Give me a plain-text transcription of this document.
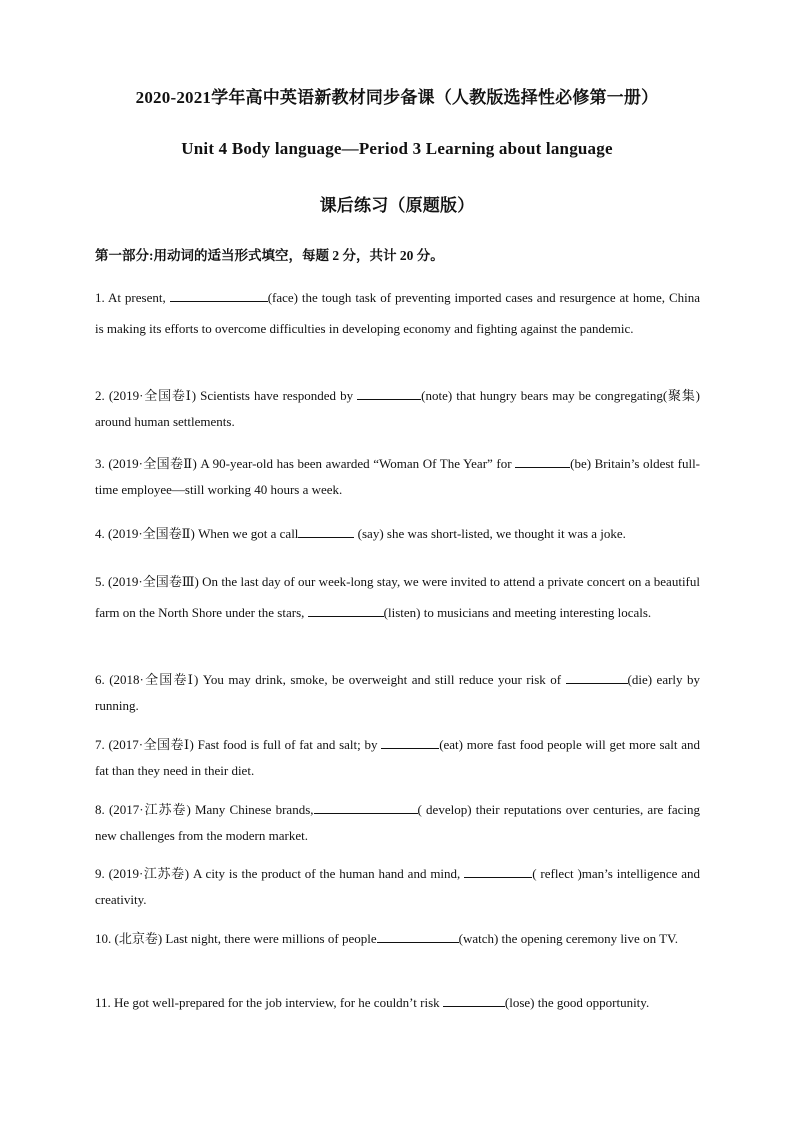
2020-2021学年高中英语新教材同步备课（人教版选择性必修第一册）
Unit 4 Body language—Period 3 Learning about language
课后练习（原题版）
第一部分:用动词的适当形式填空，每题 2 分，共计 20 分。
1. At present,	(face) the tough task of preventing imported cases and resurgence at home, China is making its efforts to overcome difficulties in developing economy and fighting against the pandemic.
2. (2019·全国卷Ⅰ) Scientists have responded by	(note) that hungry bears may be congregating(聚集) around human settlements.
3. (2019·全国卷Ⅱ) A 90-year-old has been awarded “Woman Of The Year” for	(be) Britain’s oldest full-time employee—still working 40 hours a week.
4. (2019·全国卷Ⅱ) When we got a call	(say) she was short-listed, we thought it was a joke.
5. (2019·全国卷Ⅲ) On the last day of our week-long stay, we were invited to attend a private concert on a beautiful farm on the North Shore under the stars,	(listen) to musicians and meeting interesting locals.
6. (2018·全国卷Ⅰ) You may drink, smoke, be overweight and still reduce your risk of	(die) early by running.
7. (2017·全国卷Ⅰ) Fast food is full of fat and salt; by	(eat) more fast food people will get more salt and fat than they need in their diet.
8. (2017·江苏卷) Many Chinese brands,	( develop) their reputations over centuries, are facing new challenges from the modern market.
9. (2019·江苏卷) A city is the product of the human hand and mind,	( reflect )man’s intelligence and creativity.
10. (北京卷) Last night, there were millions of people	(watch) the opening ceremony live on TV.
11. He got well-prepared for the job interview, for he couldn’t risk	(lose) the good opportunity.
